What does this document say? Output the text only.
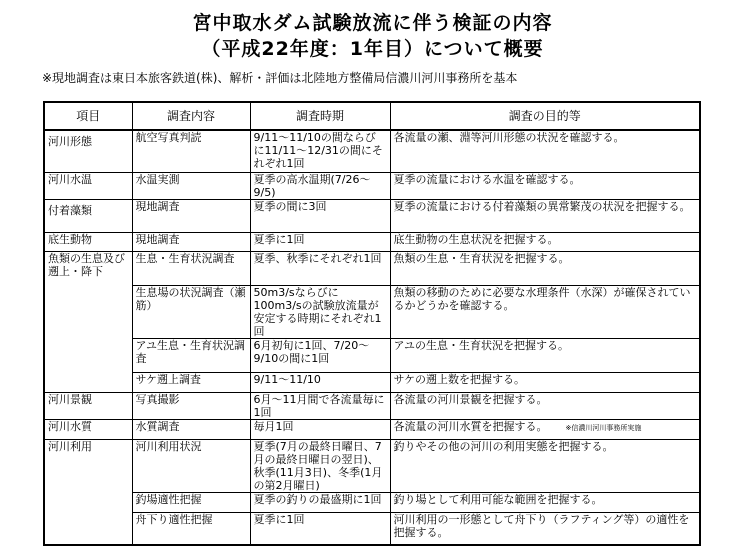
宮中取水ダム試験放流に伴う検証の内容
（平成22年度：1年目）について概要
※現地調査は東日本旅客鉄道(株)、解析・評価は北陸地方整備局信濃川河川事務所を基本
項目	調査内容	調査時期	調査の目的等
河川形態	航空写真判読	9/11～11/10の間ならびに11/11～12/31の間にそれぞれ1回	各流量の瀬、淵等河川形態の状況を確認する。
河川水温	水温実測	夏季の高水温期(7/26～9/5)	夏季の流量における水温を確認する。
付着藻類	現地調査	夏季の間に3回	夏季の流量における付着藻類の異常繁茂の状況を把握する。
底生動物	現地調査	夏季に1回	底生動物の生息状況を把握する。
魚類の生息及び遡上・降下	生息・生育状況調査	夏季、秋季にそれぞれ1回	魚類の生息・生育状況を把握する。
	生息場の状況調査（瀬筋）	50m3/sならびに100m3/sの試験放流量が安定する時期にそれぞれ1回	魚類の移動のために必要な水理条件（水深）が確保されているかどうかを確認する。
	アユ生息・生育状況調査	6月初旬に1回、7/20～9/10の間に1回	アユの生息・生育状況を把握する。
	サケ遡上調査	9/11～11/10	サケの遡上数を把握する。
河川景観	写真撮影	6月～11月間で各流量毎に1回	各流量の河川景観を把握する。
河川水質	水質調査	毎月1回	各流量の河川水質を把握する。 ※信濃川河川事務所実施
河川利用	河川利用状況	夏季(7月の最終日曜日、7月の最終日曜日の翌日)、秋季(11月3日)、冬季(1月の第2月曜日)	釣りやその他の河川の利用実態を把握する。
	釣場適性把握	夏季の釣りの最盛期に1回	釣り場として利用可能な範囲を把握する。
	舟下り適性把握	夏季に1回	河川利用の一形態として舟下り（ラフティング等）の適性を把握する。
